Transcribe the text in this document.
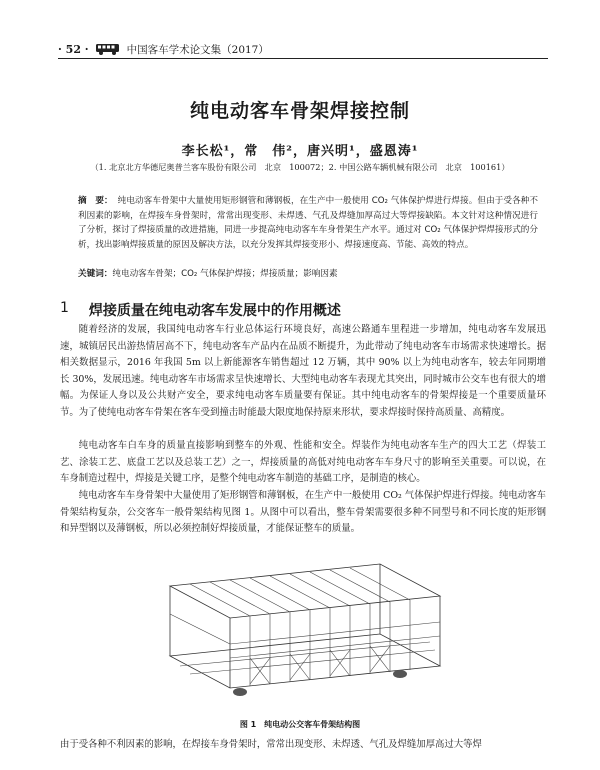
· 52 ·	中国客车学术论文集（2017）
纯电动客车骨架焊接控制
李长松¹，常　伟²，唐兴明¹，盛恩涛¹
（1. 北京北方华德尼奥普兰客车股份有限公司　北京　100072；2. 中国公路车辆机械有限公司　北京　100161）
摘　要： 纯电动客车骨架中大量使用矩形钢管和薄钢板，在生产中一般使用 CO₂ 气体保护焊进行焊接。但由于受各种不利因素的影响，在焊接车身骨架时，常常出现变形、未焊透、气孔及焊缝加厚高过大等焊接缺陷。本文针对这种情况进行了分析，探讨了焊接质量的改进措施，同进一步提高纯电动客车车身骨架生产水平。通过对 CO₂ 气体保护焊焊接形式的分析，找出影响焊接质量的原因及解决方法，以充分发挥其焊接变形小、焊接速度高、节能、高效的特点。
关键词：纯电动客车骨架；CO₂ 气体保护焊接；焊接质量；影响因素
1 焊接质量在纯电动客车发展中的作用概述

随着经济的发展，我国纯电动客车行业总体运行环境良好，高速公路通车里程进一步增加，纯电动客车发展迅速，城镇居民出游热情居高不下，纯电动客车产品内在品质不断提升，为此带动了纯电动客车市场需求快速增长。据相关数据显示，2016 年我国 5m 以上新能源客车销售超过 12 万辆，其中 90% 以上为纯电动客车，较去年同期增长 30%，发展迅速。纯电动客车市场需求呈快速增长、大型纯电动客车表现尤其突出，同时城市公交车也有很大的增幅。为保证人身以及公共财产安全，要求纯电动客车质量要有保证。其中纯电动客车的骨架焊接是一个重要质量环节。为了使纯电动客车骨架在客车受到撞击时能最大限度地保持原来形状，要求焊接时保持高质量、高精度。

纯电动客车白车身的质量直接影响到整车的外观、性能和安全。焊装作为纯电动客车生产的四大工艺（焊装工艺、涂装工艺、底盘工艺以及总装工艺）之一，焊接质量的高低对纯电动客车车身尺寸的影响至关重要。可以说，在车身制造过程中，焊接是关键工序，是整个纯电动客车制造的基础工序，是制造的核心。

纯电动客车车身骨架中大量使用了矩形钢管和薄钢板，在生产中一般使用 CO₂ 气体保护焊进行焊接。纯电动客车骨架结构复杂，公交客车一般骨架结构见图 1。从图中可以看出，整车骨架需要很多种不同型号和不同长度的矩形钢和异型钢以及薄钢板，所以必须控制好焊接质量，才能保证整车的质量。

图 1 纯电动公交客车骨架结构图
由于受各种不利因素的影响，在焊接车身骨架时，常常出现变形、未焊透、气孔及焊缝加厚高过大等焊
